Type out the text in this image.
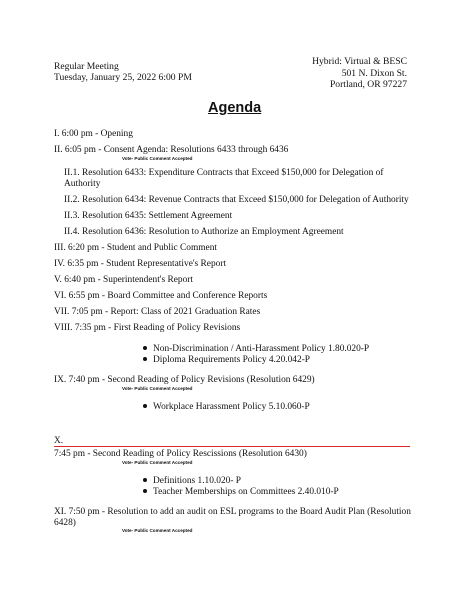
Regular Meeting
Tuesday, January 25, 2022 6:00 PM
Hybrid: Virtual & BESC
501 N. Dixon St.
Portland, OR 97227
Agenda
I. 6:00 pm - Opening
II. 6:05 pm - Consent Agenda: Resolutions 6433 through 6436
Vote- Public Comment Accepted
II.1. Resolution 6433: Expenditure Contracts that Exceed $150,000 for Delegation of Authority
II.2. Resolution 6434: Revenue Contracts that Exceed $150,000 for Delegation of Authority
II.3. Resolution 6435: Settlement Agreement
II.4. Resolution 6436: Resolution to Authorize an Employment Agreement
III. 6:20 pm - Student and Public Comment
IV. 6:35 pm - Student Representative's Report
V. 6:40 pm - Superintendent's Report
VI. 6:55 pm - Board Committee and Conference Reports
VII. 7:05 pm - Report: Class of 2021 Graduation Rates
VIII. 7:35 pm - First Reading of Policy Revisions
Non-Discrimination / Anti-Harassment Policy 1.80.020-P
Diploma Requirements Policy 4.20.042-P
IX. 7:40 pm - Second Reading of Policy Revisions (Resolution 6429)
Vote- Public Comment Accepted
Workplace Harassment Policy 5.10.060-P
X.
7:45 pm - Second Reading of Policy Rescissions (Resolution 6430)
Vote- Public Comment Accepted
Definitions 1.10.020- P
Teacher Memberships on Committees 2.40.010-P
XI. 7:50 pm - Resolution to add an audit on ESL programs to the Board Audit Plan (Resolution 6428)
Vote- Public Comment Accepted
